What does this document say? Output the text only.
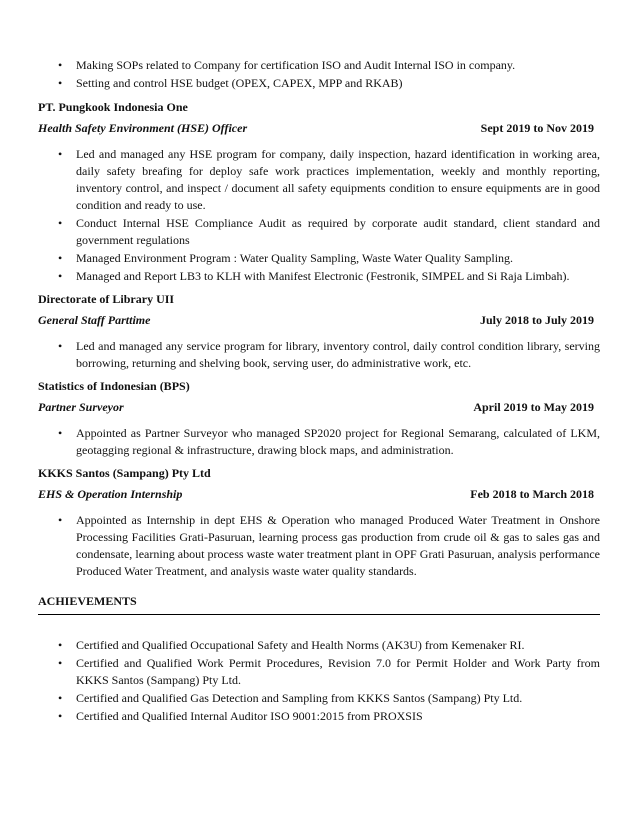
• Making SOPs related to Company for certification ISO and Audit Internal ISO in company.
• Setting and control HSE budget (OPEX, CAPEX, MPP and RKAB)
PT. Pungkook Indonesia One
Health Safety Environment (HSE) Officer	Sept 2019 to Nov 2019
• Led and managed any HSE program for company, daily inspection, hazard identification in working area, daily safety breafing for deploy safe work practices implementation, weekly and monthly reporting, inventory control, and inspect / document all safety equipments condition to ensure equipments are in good condition and ready to use.
• Conduct Internal HSE Compliance Audit as required by corporate audit standard, client standard and government regulations
• Managed Environment Program : Water Quality Sampling, Waste Water Quality Sampling.
• Managed and Report LB3 to KLH with Manifest Electronic (Festronik, SIMPEL and Si Raja Limbah).
Directorate of Library UII
General Staff Parttime	July 2018 to July 2019
• Led and managed any service program for library, inventory control, daily control condition library, serving borrowing, returning and shelving book, serving user, do administrative work, etc.
Statistics of Indonesian (BPS)
Partner Surveyor	April 2019 to May 2019
• Appointed as Partner Surveyor who managed SP2020 project for Regional Semarang, calculated of LKM, geotagging regional & infrastructure, drawing block maps, and administration.
KKKS Santos (Sampang) Pty Ltd
EHS & Operation Internship	Feb 2018 to March 2018
• Appointed as Internship in dept EHS & Operation who managed Produced Water Treatment in Onshore Processing Facilities Grati-Pasuruan, learning process gas production from crude oil & gas to sales gas and condensate, learning about process waste water treatment plant in OPF Grati Pasuruan, analysis performance Produced Water Treatment, and analysis waste water quality standards.
ACHIEVEMENTS
• Certified and Qualified Occupational Safety and Health Norms (AK3U) from Kemenaker RI.
• Certified and Qualified Work Permit Procedures, Revision 7.0 for Permit Holder and Work Party from KKKS Santos (Sampang) Pty Ltd.
• Certified and Qualified Gas Detection and Sampling from KKKS Santos (Sampang) Pty Ltd.
• Certified and Qualified Internal Auditor ISO 9001:2015 from PROXSIS
